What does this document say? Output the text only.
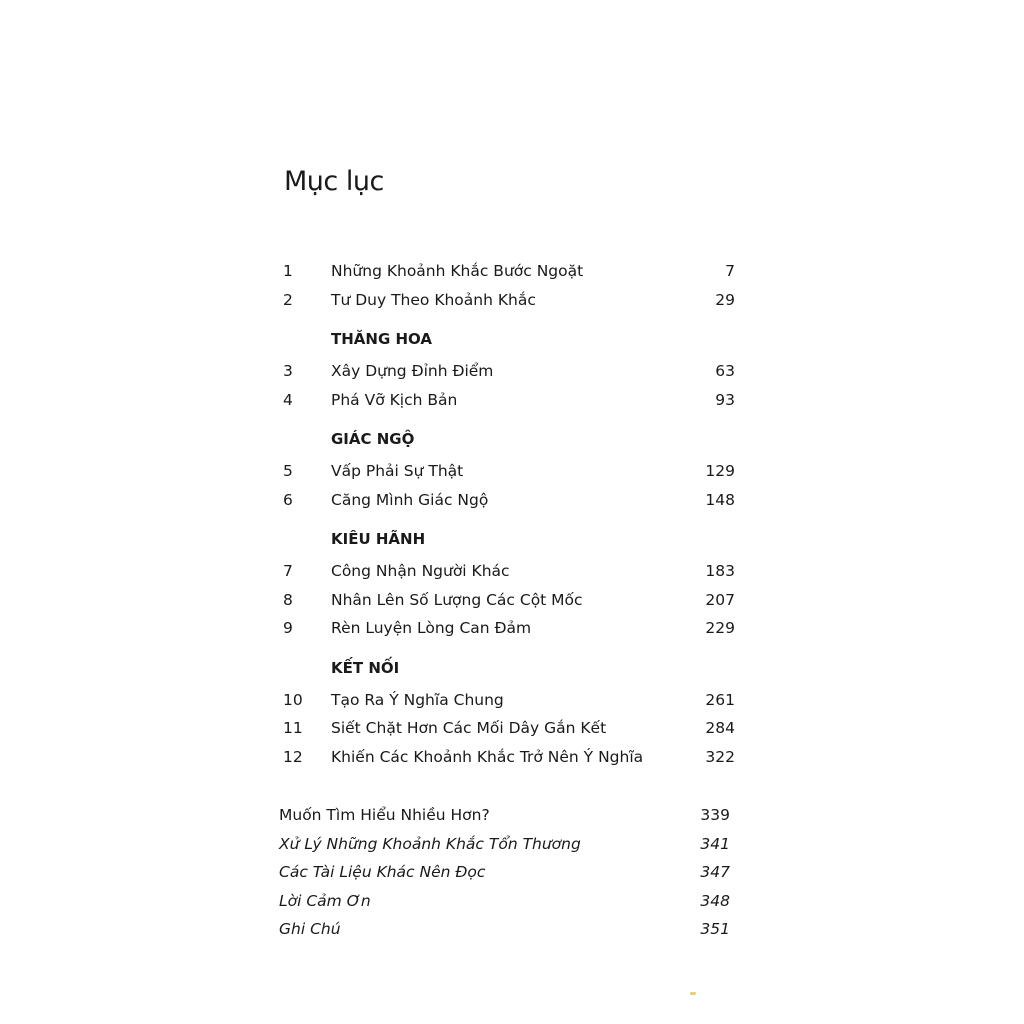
Mục lục
1	Những Khoảnh Khắc Bước Ngoặt	7
2	Tư Duy Theo Khoảnh Khắc	29
THĂNG HOA
3	Xây Dựng Đỉnh Điểm	63
4	Phá Vỡ Kịch Bản	93
GIÁC NGỘ
5	Vấp Phải Sự Thật	129
6	Căng Mình Giác Ngộ	148
KIÊU HÃNH
7	Công Nhận Người Khác	183
8	Nhân Lên Số Lượng Các Cột Mốc	207
9	Rèn Luyện Lòng Can Đảm	229
KẾT NỐI
10	Tạo Ra Ý Nghĩa Chung	261
11	Siết Chặt Hơn Các Mối Dây Gắn Kết	284
12	Khiến Các Khoảnh Khắc Trở Nên Ý Nghĩa	322
Muốn Tìm Hiểu Nhiều Hơn?	339
Xử Lý Những Khoảnh Khắc Tổn Thương	341
Các Tài Liệu Khác Nên Đọc	347
Lời Cảm Ơn	348
Ghi Chú	351
